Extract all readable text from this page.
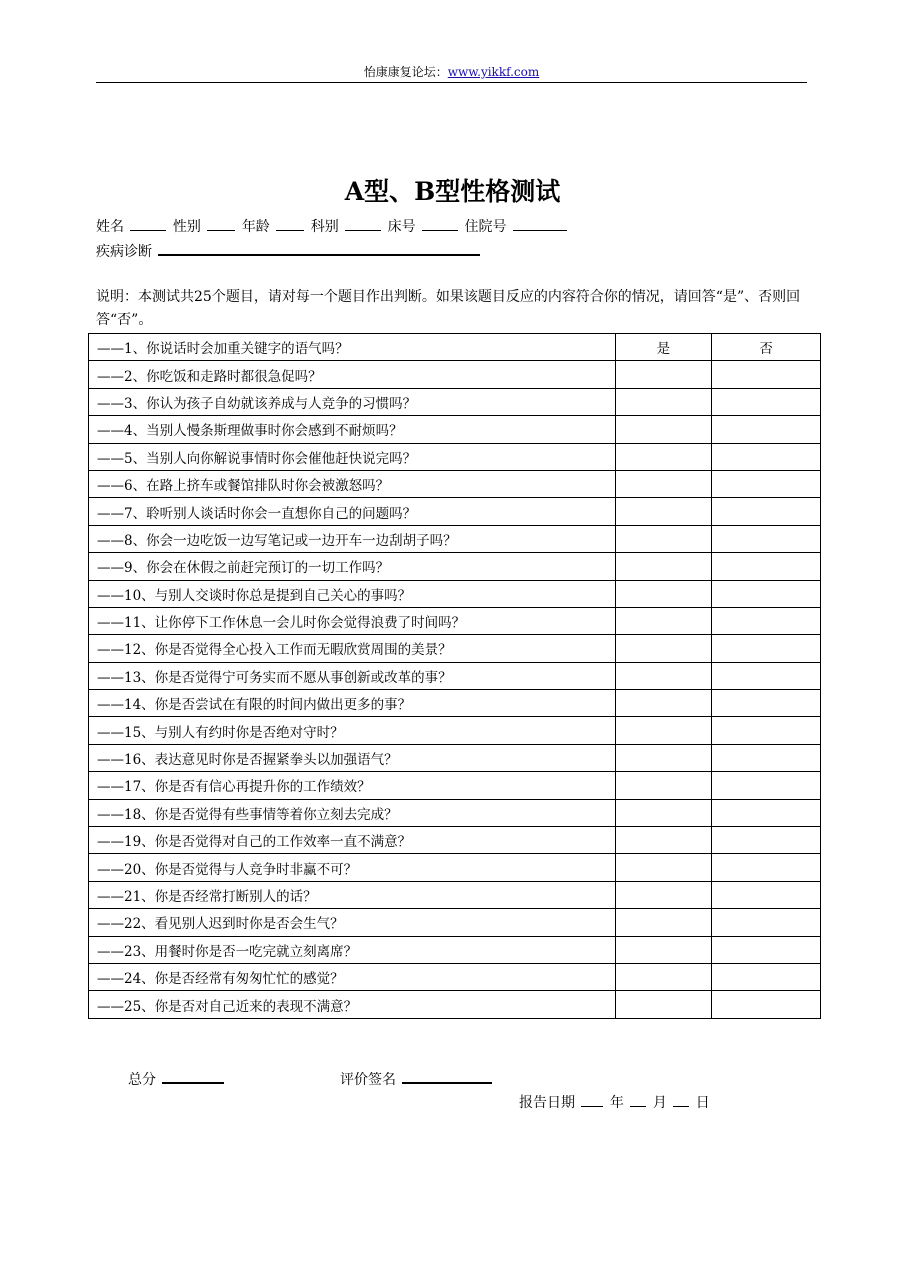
怡康康复论坛：www.yikkf.com
A型、B型性格测试
姓名	性别	年龄	科别	床号	住院号
疾病诊断
说明：本测试共25个题目，请对每一个题目作出判断。如果该题目反应的内容符合你的情况，请回答“是”、否则回答“否”。
——1、你说话时会加重关键字的语气吗？	是	否
——2、你吃饭和走路时都很急促吗？		
——3、你认为孩子自幼就该养成与人竞争的习惯吗？		
——4、当别人慢条斯理做事时你会感到不耐烦吗？		
——5、当别人向你解说事情时你会催他赶快说完吗？		
——6、在路上挤车或餐馆排队时你会被激怒吗？		
——7、聆听别人谈话时你会一直想你自己的问题吗？		
——8、你会一边吃饭一边写笔记或一边开车一边刮胡子吗？		
——9、你会在休假之前赶完预订的一切工作吗？		
——10、与别人交谈时你总是提到自己关心的事吗？		
——11、让你停下工作休息一会儿时你会觉得浪费了时间吗？		
——12、你是否觉得全心投入工作而无暇欣赏周围的美景？		
——13、你是否觉得宁可务实而不愿从事创新或改革的事？		
——14、你是否尝试在有限的时间内做出更多的事？		
——15、与别人有约时你是否绝对守时？		
——16、表达意见时你是否握紧拳头以加强语气？		
——17、你是否有信心再提升你的工作绩效？		
——18、你是否觉得有些事情等着你立刻去完成？		
——19、你是否觉得对自己的工作效率一直不满意？		
——20、你是否觉得与人竞争时非赢不可？		
——21、你是否经常打断别人的话？		
——22、看见别人迟到时你是否会生气？		
——23、用餐时你是否一吃完就立刻离席？		
——24、你是否经常有匆匆忙忙的感觉？		
——25、你是否对自己近来的表现不满意？		
总分	评价签名
报告日期 年 月 日
